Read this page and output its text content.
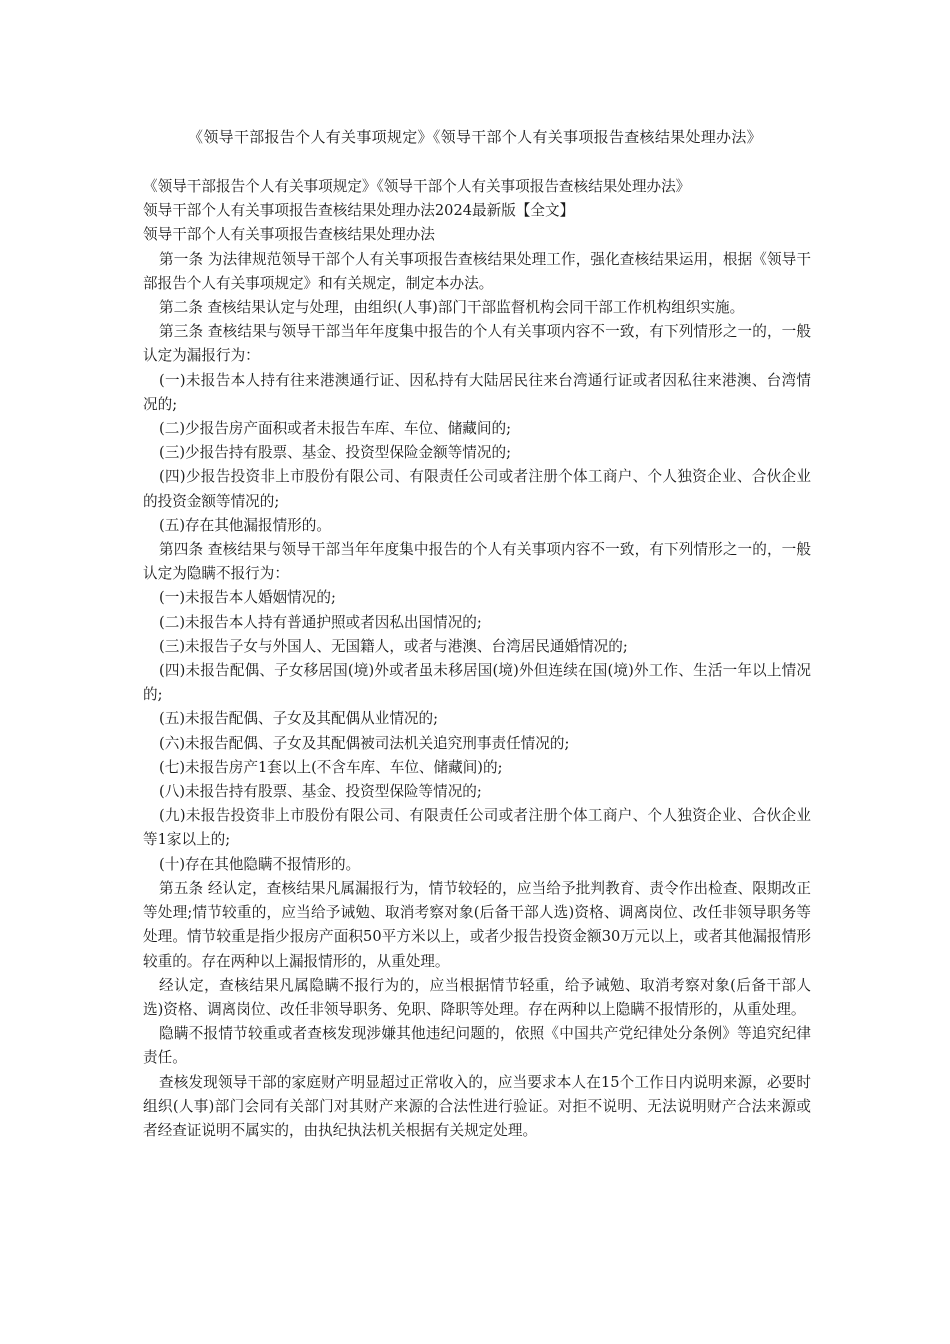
《领导干部报告个人有关事项规定》《领导干部个人有关事项报告查核结果处理办法》

《领导干部报告个人有关事项规定》《领导干部个人有关事项报告查核结果处理办法》

领导干部个人有关事项报告查核结果处理办法2024最新版【全文】

领导干部个人有关事项报告查核结果处理办法

第一条 为法律规范领导干部个人有关事项报告查核结果处理工作，强化查核结果运用，根据《领导干部报告个人有关事项规定》和有关规定，制定本办法。

第二条 查核结果认定与处理，由组织(人事)部门干部监督机构会同干部工作机构组织实施。

第三条 查核结果与领导干部当年年度集中报告的个人有关事项内容不一致，有下列情形之一的，一般认定为漏报行为：

(一)未报告本人持有往来港澳通行证、因私持有大陆居民往来台湾通行证或者因私往来港澳、台湾情况的;

(二)少报告房产面积或者未报告车库、车位、储藏间的;

(三)少报告持有股票、基金、投资型保险金额等情况的;

(四)少报告投资非上市股份有限公司、有限责任公司或者注册个体工商户、个人独资企业、合伙企业的投资金额等情况的;

(五)存在其他漏报情形的。

第四条 查核结果与领导干部当年年度集中报告的个人有关事项内容不一致，有下列情形之一的，一般认定为隐瞒不报行为：

(一)未报告本人婚姻情况的;

(二)未报告本人持有普通护照或者因私出国情况的;

(三)未报告子女与外国人、无国籍人，或者与港澳、台湾居民通婚情况的;

(四)未报告配偶、子女移居国(境)外或者虽未移居国(境)外但连续在国(境)外工作、生活一年以上情况的;

(五)未报告配偶、子女及其配偶从业情况的;

(六)未报告配偶、子女及其配偶被司法机关追究刑事责任情况的;

(七)未报告房产1套以上(不含车库、车位、储藏间)的;

(八)未报告持有股票、基金、投资型保险等情况的;

(九)未报告投资非上市股份有限公司、有限责任公司或者注册个体工商户、个人独资企业、合伙企业等1家以上的;

(十)存在其他隐瞒不报情形的。

第五条 经认定，查核结果凡属漏报行为，情节较轻的，应当给予批判教育、责令作出检查、限期改正等处理;情节较重的，应当给予诫勉、取消考察对象(后备干部人选)资格、调离岗位、改任非领导职务等处理。情节较重是指少报房产面积50平方米以上，或者少报告投资金额30万元以上，或者其他漏报情形较重的。存在两种以上漏报情形的，从重处理。

经认定，查核结果凡属隐瞒不报行为的，应当根据情节轻重，给予诫勉、取消考察对象(后备干部人选)资格、调离岗位、改任非领导职务、免职、降职等处理。存在两种以上隐瞒不报情形的，从重处理。

隐瞒不报情节较重或者查核发现涉嫌其他违纪问题的，依照《中国共产党纪律处分条例》等追究纪律责任。

查核发现领导干部的家庭财产明显超过正常收入的，应当要求本人在15个工作日内说明来源，必要时组织(人事)部门会同有关部门对其财产来源的合法性进行验证。对拒不说明、无法说明财产合法来源或者经查证说明不属实的，由执纪执法机关根据有关规定处理。
